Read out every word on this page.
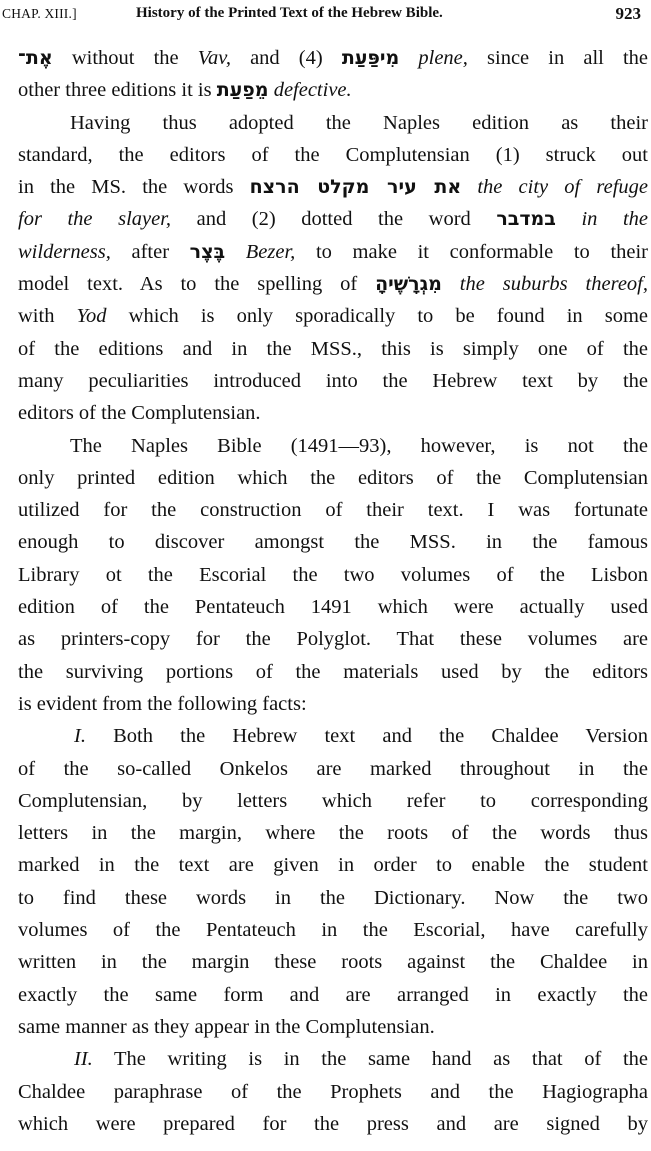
CHAP. XIII.]	History of the Printed Text of the Hebrew Bible.	923
אֶת־ without the Vav, and (4) מִיפַּעַת plene, since in all the
other three editions it is מֵפַעַת defective.
Having thus adopted the Naples edition as their
standard, the editors of the Complutensian (1) struck out
in the MS. the words את עיר מקלט הרצח the city of refuge
for the slayer, and (2) dotted the word במדבר in the
wilderness, after בֶּצֶר Bezer, to make it conformable to their
model text. As to the spelling of מִגְרָשֶׁיהָ the suburbs thereof,
with Yod which is only sporadically to be found in some
of the editions and in the MSS., this is simply one of the
many peculiarities introduced into the Hebrew text by the
editors of the Complutensian.
The Naples Bible (1491—93), however, is not the
only printed edition which the editors of the Complutensian
utilized for the construction of their text. I was fortunate
enough to discover amongst the MSS. in the famous
Library ot the Escorial the two volumes of the Lisbon
edition of the Pentateuch 1491 which were actually used
as printers-copy for the Polyglot. That these volumes are
the surviving portions of the materials used by the editors
is evident from the following facts:
I. Both the Hebrew text and the Chaldee Version
of the so-called Onkelos are marked throughout in the
Complutensian, by letters which refer to corresponding
letters in the margin, where the roots of the words thus
marked in the text are given in order to enable the student
to find these words in the Dictionary. Now the two
volumes of the Pentateuch in the Escorial, have carefully
written in the margin these roots against the Chaldee in
exactly the same form and are arranged in exactly the
same manner as they appear in the Complutensian.
II. The writing is in the same hand as that of the
Chaldee paraphrase of the Prophets and the Hagiographa
which were prepared for the press and are signed by
